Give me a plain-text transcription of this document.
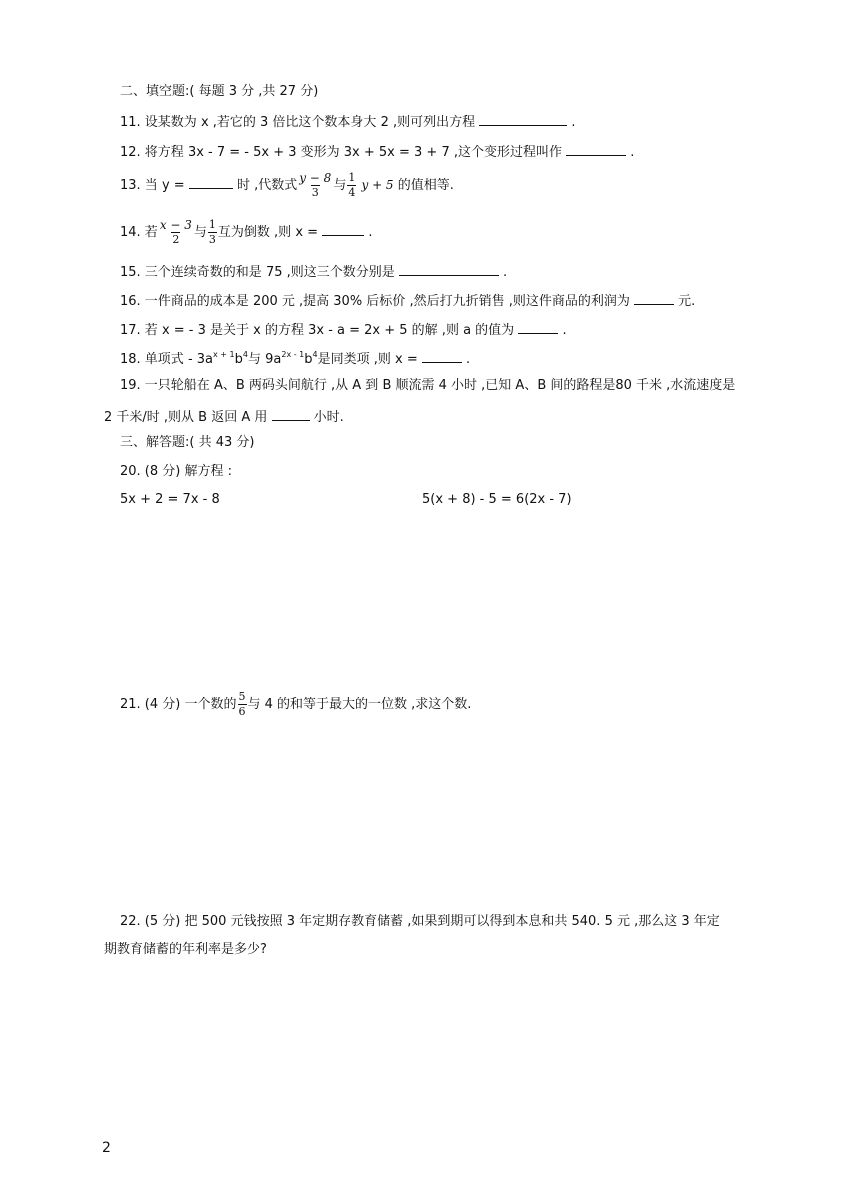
二、填空题:( 每题 3 分 ,共 27 分)
11. 设某数为 x ,若它的 3 倍比这个数本身大 2 ,则可列出方程	.
12. 将方程 3x - 7 = - 5x + 3 变形为 3x + 5x = 3 + 7 ,这个变形过程叫作	.
13. 当 y =	时 ,代数式 $\frac{y - 8}{3}$ 与 $\frac{1}{4}$ y + 5 的值相等.
14. 若 $\frac{x - 3}{2}$ 与 $\frac{1}{3}$ 互为倒数 ,则 x =	.
15. 三个连续奇数的和是 75 ,则这三个数分别是	.
16. 一件商品的成本是 200 元 ,提高 30% 后标价 ,然后打九折销售 ,则这件商品的利润为	元.
17. 若 x = - 3 是关于 x 的方程 3x - a = 2x + 5 的解 ,则 a 的值为	.
18. 单项式 - $3a^{x + 1}b^4$与 $9a^{2x - 1}b^4$是同类项 ,则 x =	.
19. 一只轮船在 A、B 两码头间航行 ,从 A 到 B 顺流需 4 小时 ,已知 A、B 间的路程是80 千米 ,水流速度是
2 千米/时 ,则从 B 返回 A 用	小时.
三、解答题:( 共 43 分)
20. (8 分) 解方程 :
5x + 2 = 7x - 8	5(x + 8) - 5 = 6(2x - 7)
21. (4 分) 一个数的 $\frac{5}{6}$ 与 4 的和等于最大的一位数 ,求这个数.
22. (5 分) 把 500 元钱按照 3 年定期存教育储蓄 ,如果到期可以得到本息和共 540. 5 元 ,那么这 3 年定
期教育储蓄的年利率是多少?
2
